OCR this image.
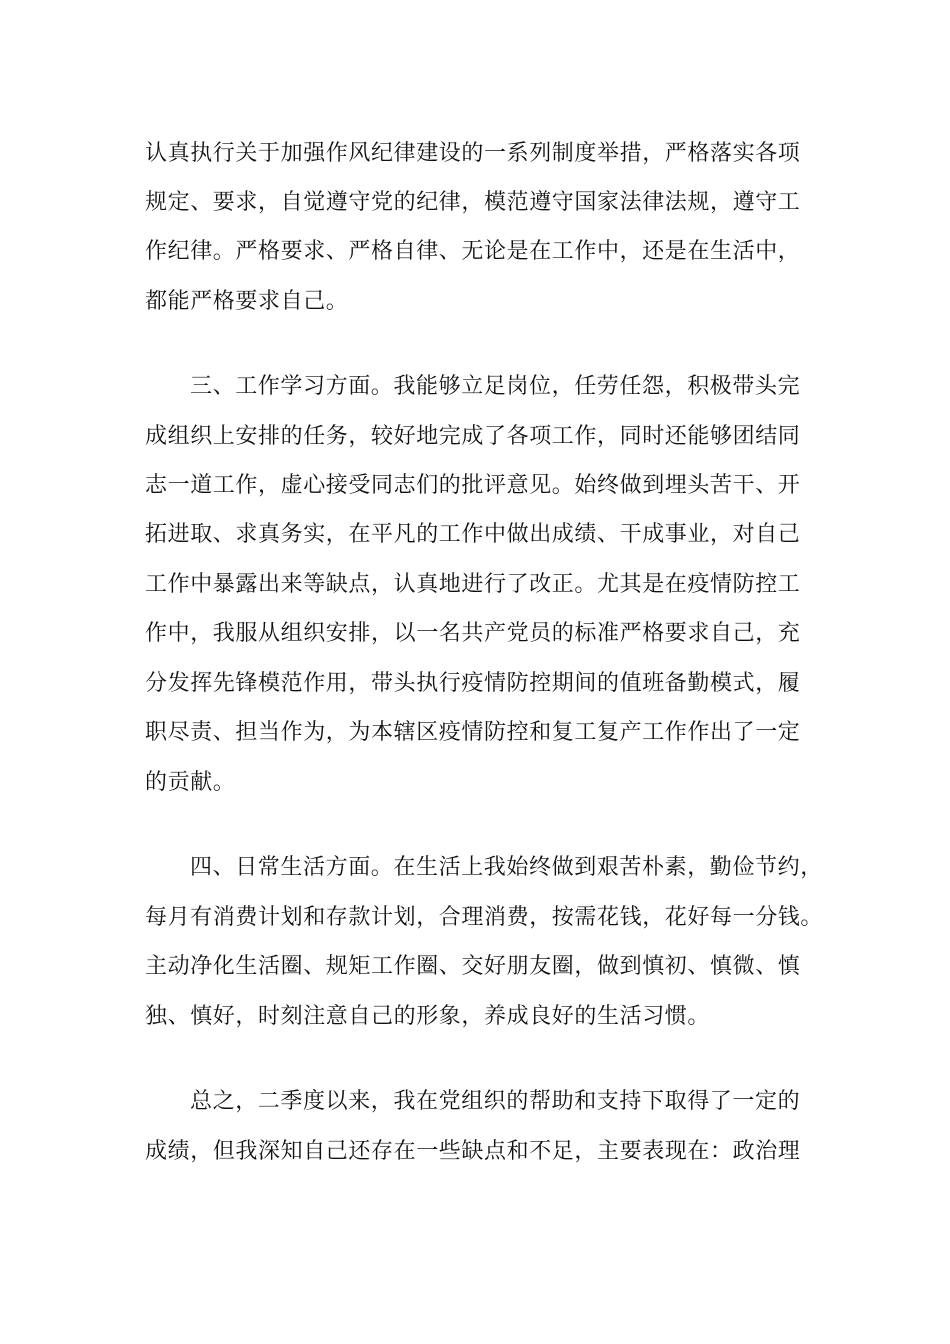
认真执行关于加强作风纪律建设的一系列制度举措，严格落实各项
规定、要求，自觉遵守党的纪律，模范遵守国家法律法规，遵守工
作纪律。严格要求、严格自律、无论是在工作中，还是在生活中，
都能严格要求自己。
三、工作学习方面。我能够立足岗位，任劳任怨，积极带头完
成组织上安排的任务，较好地完成了各项工作，同时还能够团结同
志一道工作，虚心接受同志们的批评意见。始终做到埋头苦干、开
拓进取、求真务实，在平凡的工作中做出成绩、干成事业，对自己
工作中暴露出来等缺点，认真地进行了改正。尤其是在疫情防控工
作中，我服从组织安排，以一名共产党员的标准严格要求自己，充
分发挥先锋模范作用，带头执行疫情防控期间的值班备勤模式，履
职尽责、担当作为，为本辖区疫情防控和复工复产工作作出了一定
的贡献。
四、日常生活方面。在生活上我始终做到艰苦朴素，勤俭节约，
每月有消费计划和存款计划，合理消费，按需花钱，花好每一分钱。
主动净化生活圈、规矩工作圈、交好朋友圈，做到慎初、慎微、慎
独、慎好，时刻注意自己的形象，养成良好的生活习惯。
总之，二季度以来，我在党组织的帮助和支持下取得了一定的
成绩，但我深知自己还存在一些缺点和不足，主要表现在：政治理
